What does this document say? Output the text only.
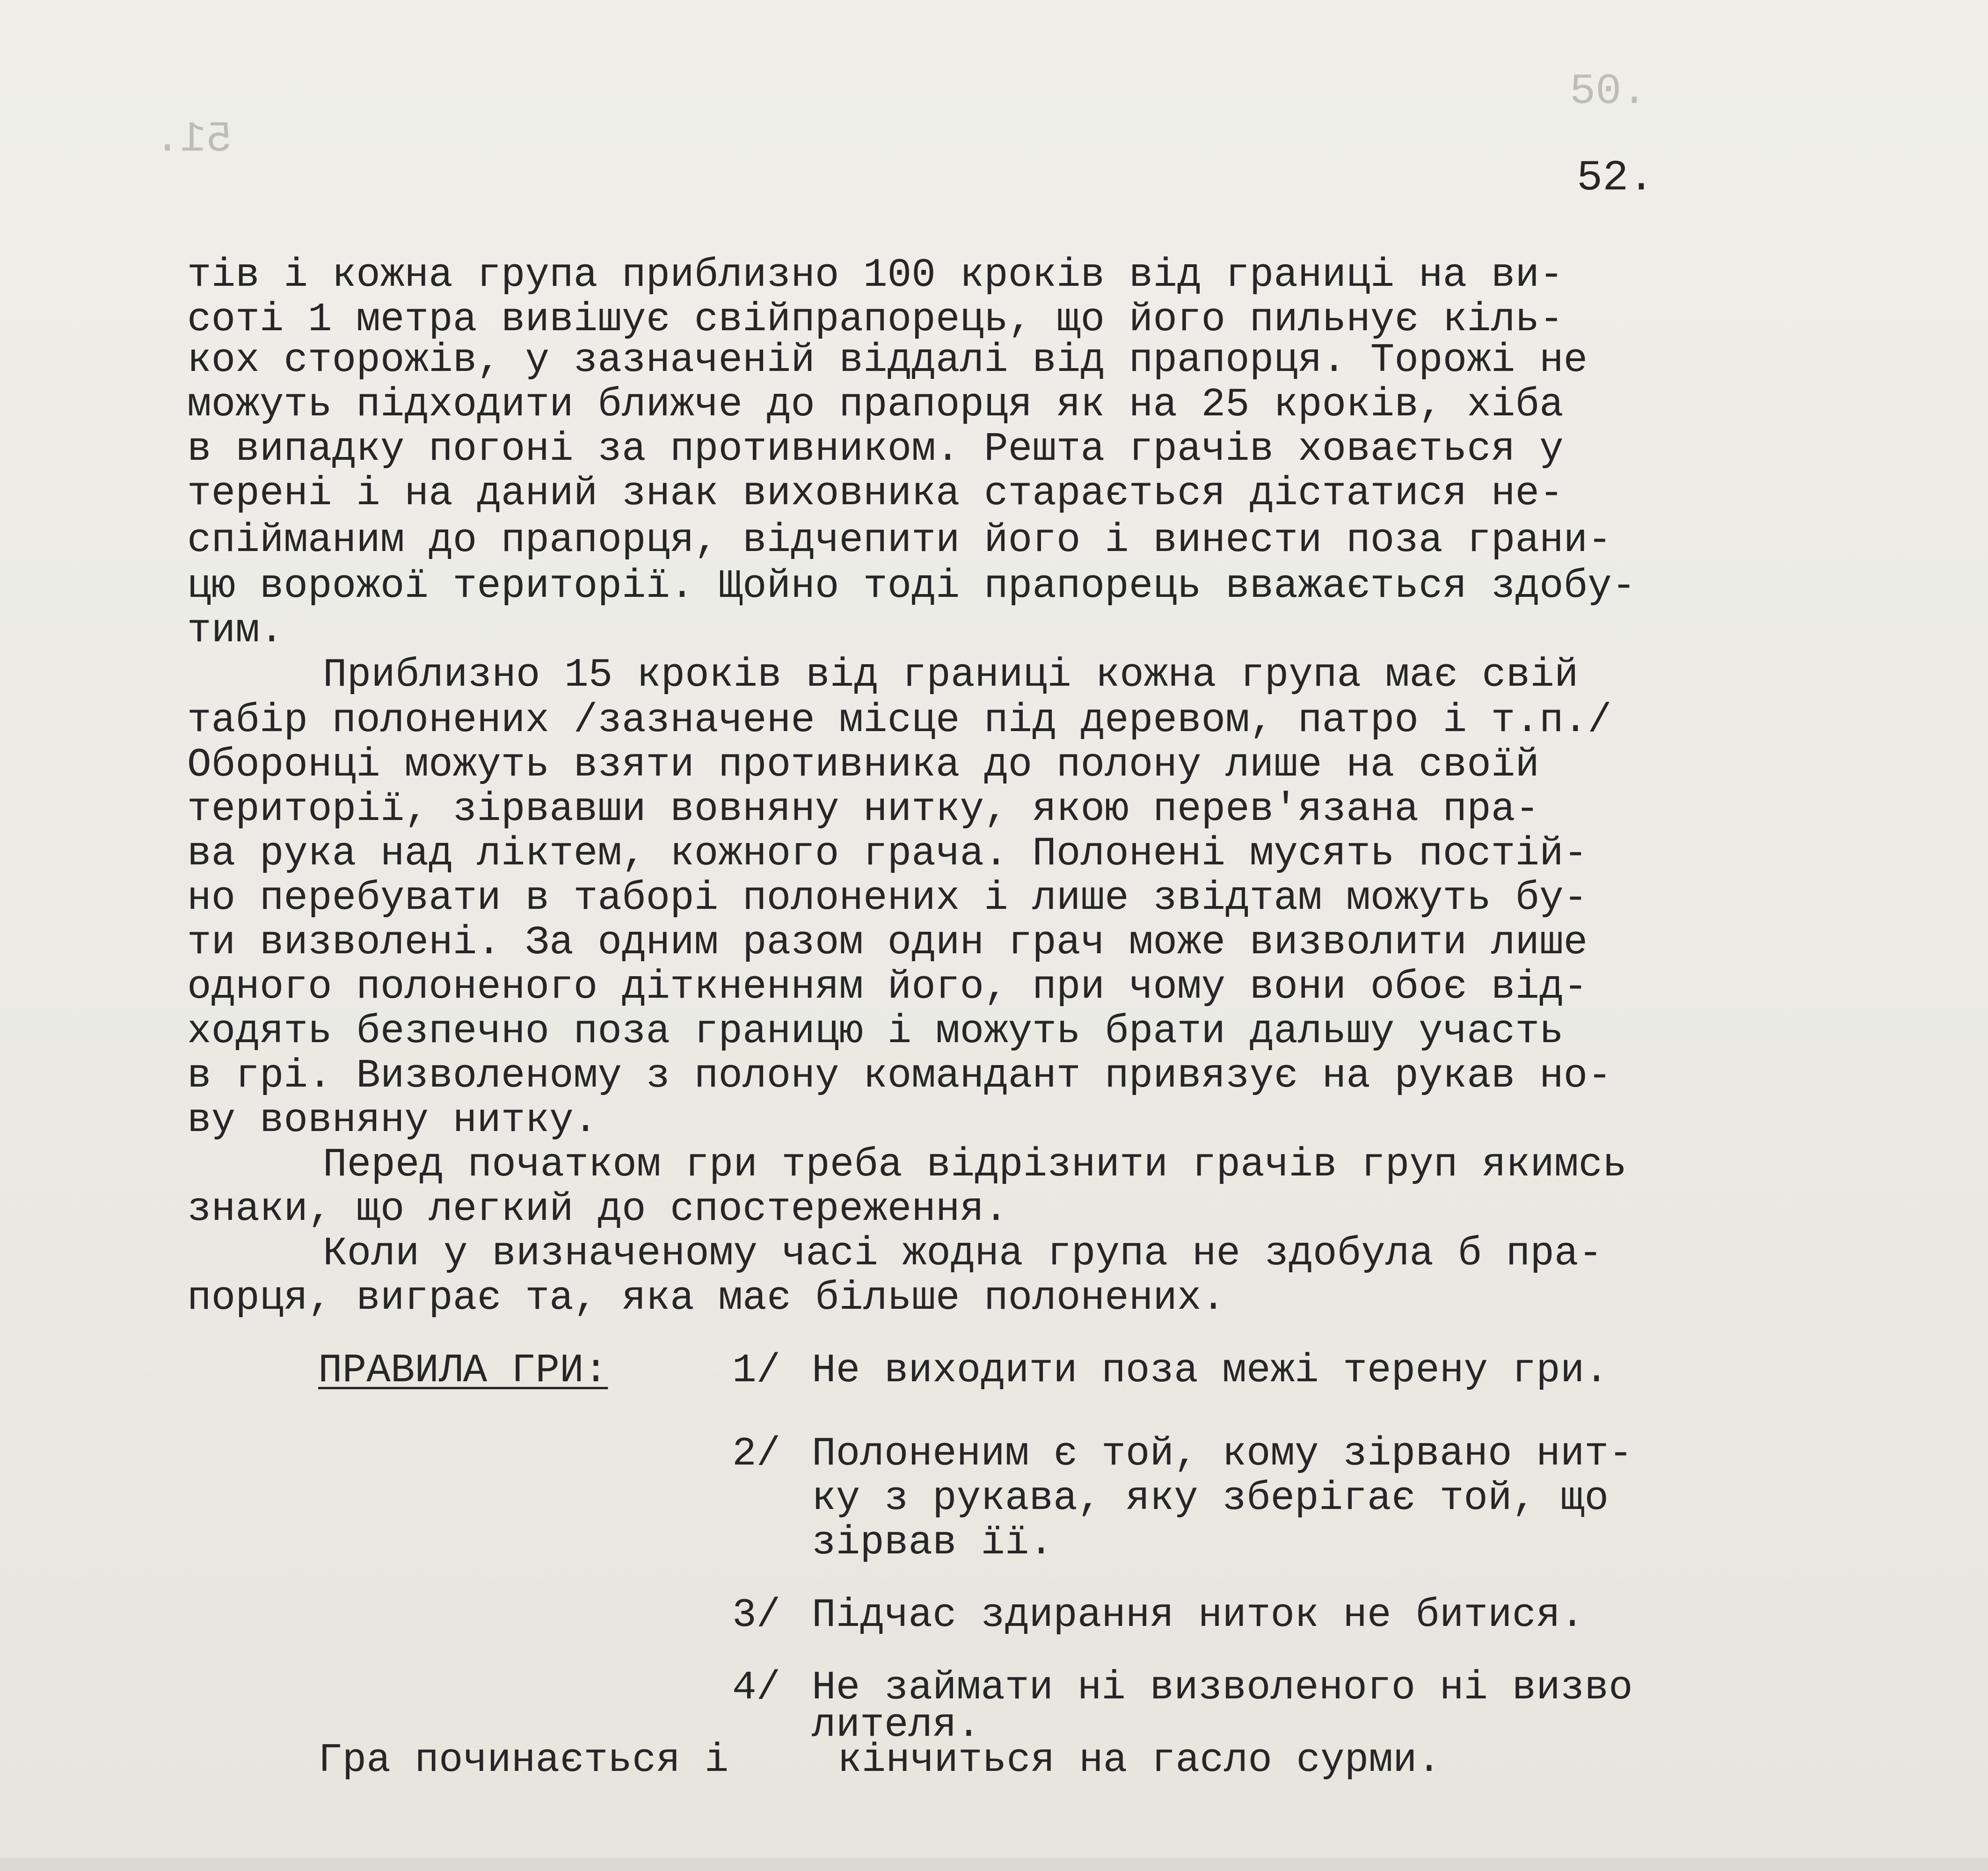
51.
50.
52.
тів і кожна група приблизно 100 кроків від границі на ви-
соті 1 метра вивішує свійпрапорець, що його пильнує кіль-
кох сторожів, у зазначеній віддалі від прапорця. Торожі не
можуть підходити ближче до прапорця як на 25 кроків, хіба
в випадку погоні за противником. Решта грачів ховається у
терені і на даний знак виховника старається дістатися не-
спійманим до прапорця, відчепити його і винести поза грани-
цю ворожої території. Щойно тоді прапорець вважається здобу-
тим.
Приблизно 15 кроків від границі кожна група має свій
табір полонених /зазначене місце під деревом, патро і т.п./
Оборонці можуть взяти противника до полону лише на своїй
території, зірвавши вовняну нитку, якою перев'язана пра-
ва рука над ліктем, кожного грача. Полонені мусять постій-
но перебувати в таборі полонених і лише звідтам можуть бу-
ти визволені. За одним разом один грач може визволити лише
одного полоненого діткненням його, при чому вони обоє від-
ходять безпечно поза границю і можуть брати дальшу участь
в грі. Визволеному з полону командант привязує на рукав но-
ву вовняну нитку.
Перед початком гри треба відрізнити грачів груп якимсь
знаки, що легкий до спостереження.
Коли у визначеному часі жодна група не здобула б пра-
порця, виграє та, яка має більше полонених.
ПРАВИЛА ГРИ:	1/ Не виходити поза межі терену гри.
2/ Полоненим є той, кому зірвано нит-
ку з рукава, яку зберігає той, що
зірвав її.
3/ Підчас здирання ниток не битися.
4/ Не займати ні визволеного ні визво
лителя.
Гра починається і	кінчиться на гасло сурми.
